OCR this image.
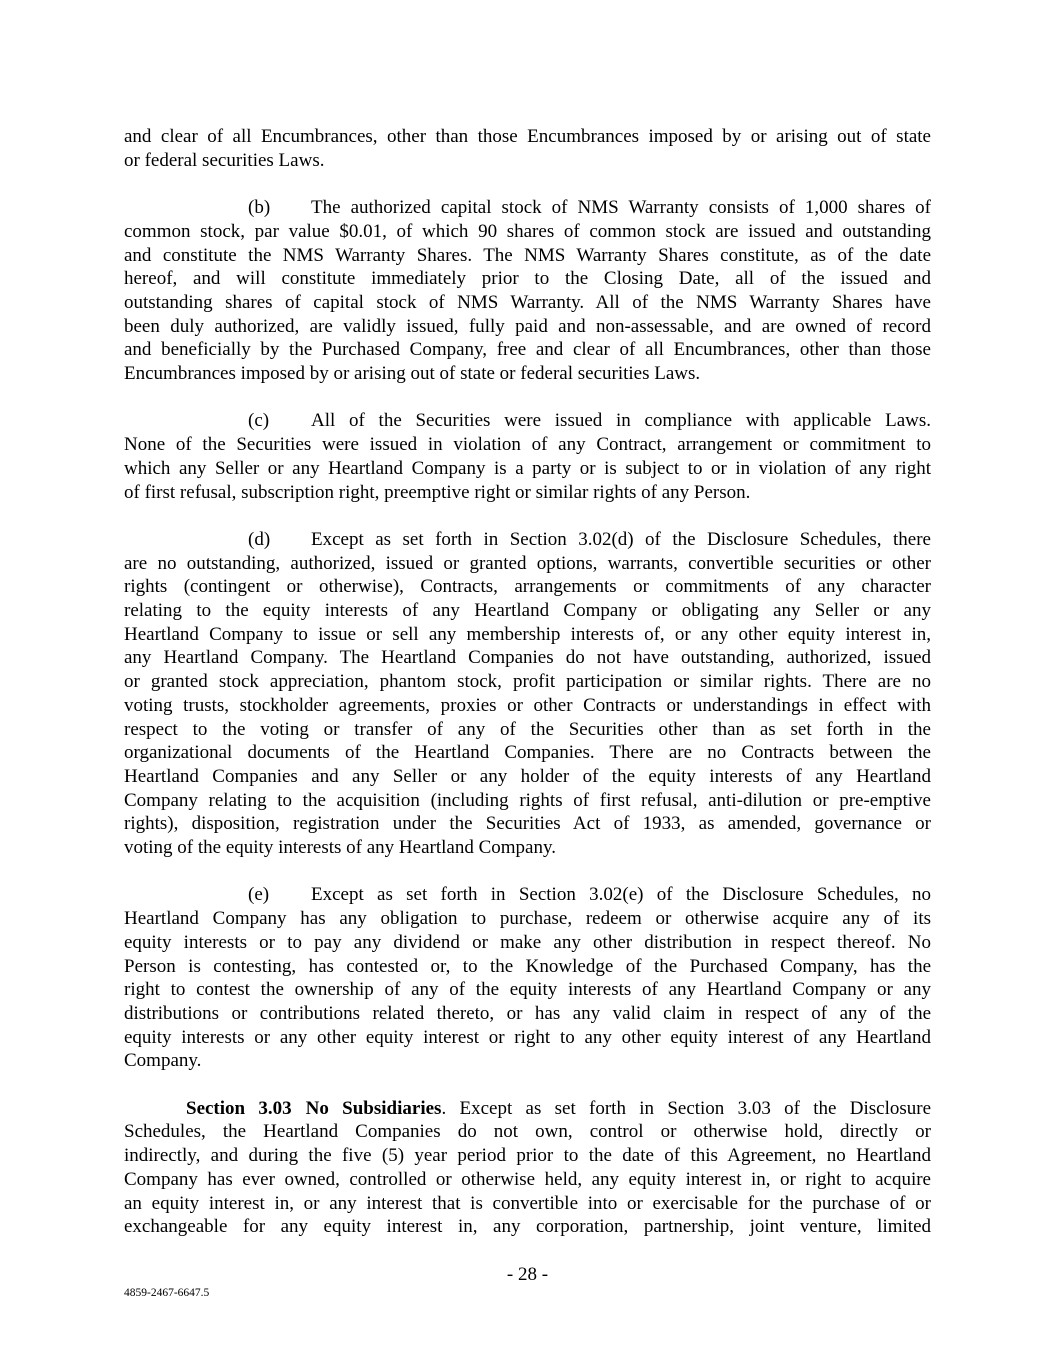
and clear of all Encumbrances, other than those Encumbrances imposed by or arising out of state
or federal securities Laws.
(b)	The authorized capital stock of NMS Warranty consists of 1,000 shares of
common stock, par value $0.01, of which 90 shares of common stock are issued and outstanding
and constitute the NMS Warranty Shares. The NMS Warranty Shares constitute, as of the date
hereof, and will constitute immediately prior to the Closing Date, all of the issued and
outstanding shares of capital stock of NMS Warranty. All of the NMS Warranty Shares have
been duly authorized, are validly issued, fully paid and non-assessable, and are owned of record
and beneficially by the Purchased Company, free and clear of all Encumbrances, other than those
Encumbrances imposed by or arising out of state or federal securities Laws.
(c)	All of the Securities were issued in compliance with applicable Laws.
None of the Securities were issued in violation of any Contract, arrangement or commitment to
which any Seller or any Heartland Company is a party or is subject to or in violation of any right
of first refusal, subscription right, preemptive right or similar rights of any Person.
(d)	Except as set forth in Section 3.02(d) of the Disclosure Schedules, there
are no outstanding, authorized, issued or granted options, warrants, convertible securities or other
rights (contingent or otherwise), Contracts, arrangements or commitments of any character
relating to the equity interests of any Heartland Company or obligating any Seller or any
Heartland Company to issue or sell any membership interests of, or any other equity interest in,
any Heartland Company. The Heartland Companies do not have outstanding, authorized, issued
or granted stock appreciation, phantom stock, profit participation or similar rights. There are no
voting trusts, stockholder agreements, proxies or other Contracts or understandings in effect with
respect to the voting or transfer of any of the Securities other than as set forth in the
organizational documents of the Heartland Companies. There are no Contracts between the
Heartland Companies and any Seller or any holder of the equity interests of any Heartland
Company relating to the acquisition (including rights of first refusal, anti-dilution or pre-emptive
rights), disposition, registration under the Securities Act of 1933, as amended, governance or
voting of the equity interests of any Heartland Company.
(e)	Except as set forth in Section 3.02(e) of the Disclosure Schedules, no
Heartland Company has any obligation to purchase, redeem or otherwise acquire any of its
equity interests or to pay any dividend or make any other distribution in respect thereof. No
Person is contesting, has contested or, to the Knowledge of the Purchased Company, has the
right to contest the ownership of any of the equity interests of any Heartland Company or any
distributions or contributions related thereto, or has any valid claim in respect of any of the
equity interests or any other equity interest or right to any other equity interest of any Heartland
Company.
Section 3.03 No Subsidiaries. Except as set forth in Section 3.03 of the Disclosure
Schedules, the Heartland Companies do not own, control or otherwise hold, directly or
indirectly, and during the five (5) year period prior to the date of this Agreement, no Heartland
Company has ever owned, controlled or otherwise held, any equity interest in, or right to acquire
an equity interest in, or any interest that is convertible into or exercisable for the purchase of or
exchangeable for any equity interest in, any corporation, partnership, joint venture, limited
- 28 -
4859-2467-6647.5
